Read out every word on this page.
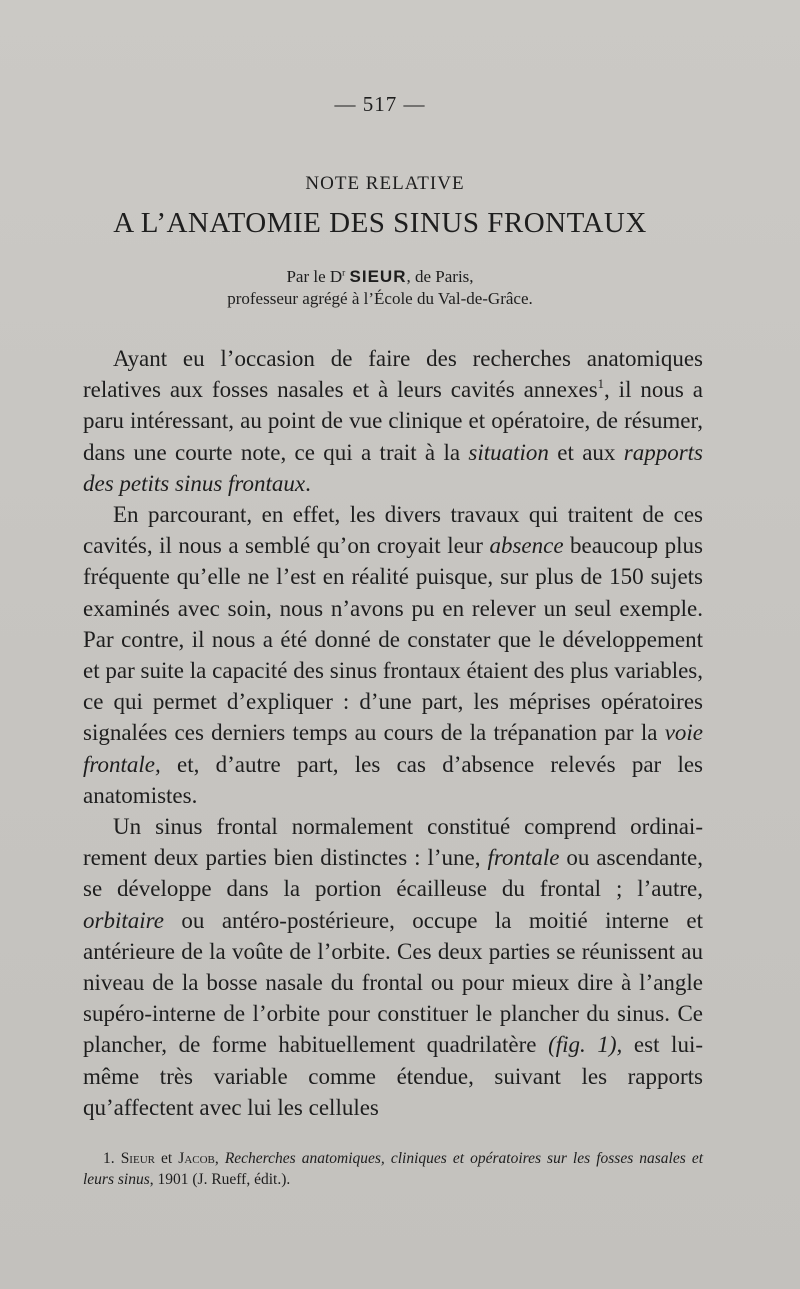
— 517 —
NOTE RELATIVE
A L’ANATOMIE DES SINUS FRONTAUX
Par le $D^r$ SIEUR, de Paris,
professeur agrégé à l’École du Val-de-Grâce.

Ayant eu l’occasion de faire des recherches anatomiques relatives aux fosses nasales et à leurs cavités annexes$^1$, il nous a paru intéressant, au point de vue clinique et opératoire, de résumer, dans une courte note, ce qui a trait à la situation et aux rapports des petits sinus frontaux.

En parcourant, en effet, les divers travaux qui traitent de ces cavités, il nous a semblé qu’on croyait leur absence beaucoup plus fréquente qu’elle ne l’est en réalité puisque, sur plus de 150 sujets examinés avec soin, nous n’avons pu en relever un seul exemple. Par contre, il nous a été donné de constater que le développement et par suite la capacité des sinus frontaux étaient des plus variables, ce qui permet d’expliquer : d’une part, les méprises opératoires signalées ces derniers temps au cours de la trépanation par la voie frontale, et, d’autre part, les cas d’absence relevés par les anatomistes.

Un sinus frontal normalement constitué comprend ordinairement deux parties bien distinctes : l’une, frontale ou ascendante, se développe dans la portion écailleuse du frontal ; l’autre, orbitaire ou antéro-postérieure, occupe la moitié interne et antérieure de la voûte de l’orbite. Ces deux parties se réunissent au niveau de la bosse nasale du frontal ou pour mieux dire à l’angle supéro-interne de l’orbite pour constituer le plancher du sinus. Ce plancher, de forme habituellement quadrilatère (fig. 1), est lui-même très variable comme étendue, suivant les rapports qu’affectent avec lui les cellules

1. Sieur et Jacob, Recherches anatomiques, cliniques et opératoires sur les fosses nasales et leurs sinus, 1901 (J. Rueff, édit.).
